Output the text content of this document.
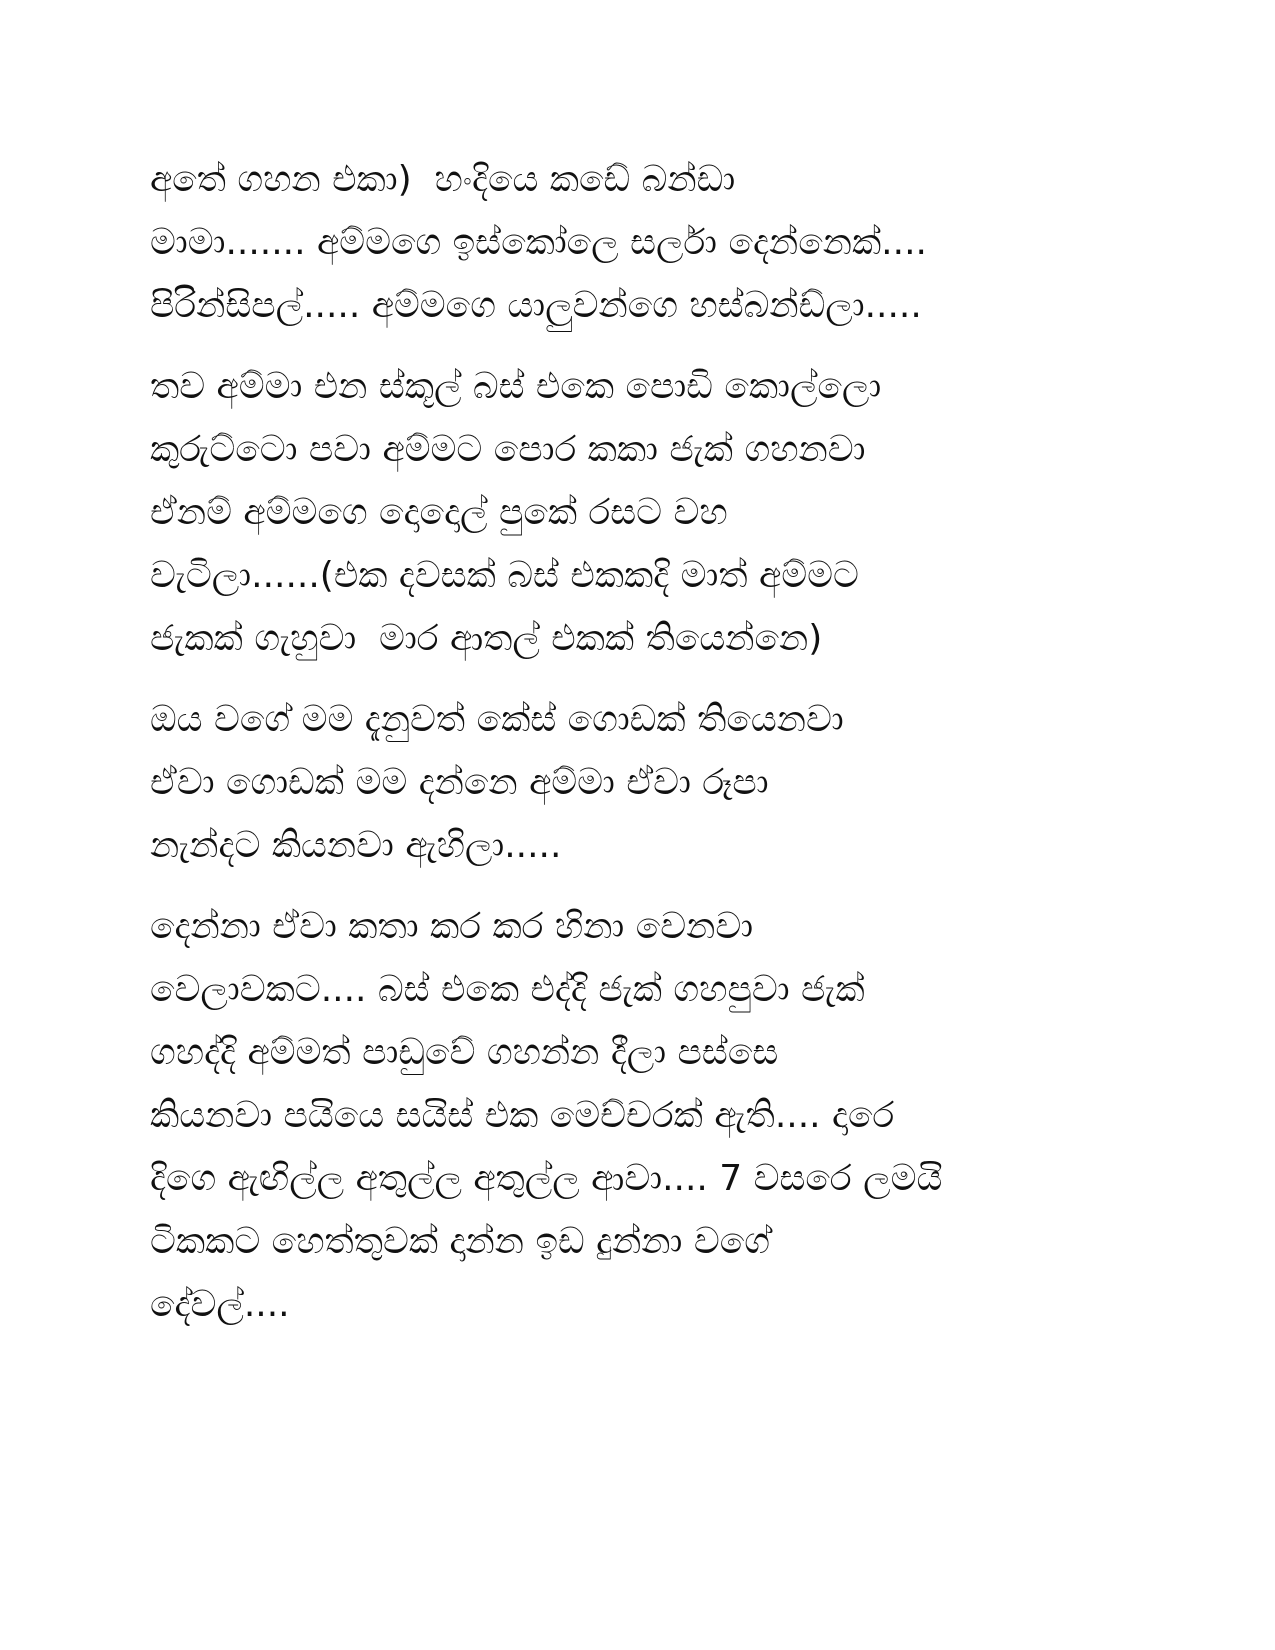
අතේ ගහන එකා)  හංදියෙ කඩේ බන්ඩා
මාමා....... අම්මගෙ ඉස්කෝලෙ සර්ලා දෙන්නෙක්....
පිරින්සිපල්..... අම්මගෙ යාලුවන්ගෙ හස්බන්ඩ්ලා.....
තව අම්මා එන ස්කූල් බස් එකෙ පොඩි කොල්ලො
කුරුට්ටො පවා අම්මට පොර කකා ජැක් ගහනවා
ඒනම් අම්මගෙ දොදොල් පුකේ රසට වහ
වැටිලා......(එක දවසක් බස් එකකදි මාත් අම්මට
ජැකක් ගැහුවා  මාර ආතල් එකක් තියෙන්නෙ)
ඔය වගේ මම දැනුවත් කේස් ගොඩක් තියෙනවා
ඒවා ගොඩක් මම දන්නෙ අම්මා ඒවා රූපා
නැන්දට කියනවා ඇහිලා.....
දෙන්නා ඒවා කතා කර කර හිනා වෙනවා
වෙලාවකට.... බස් එකෙ එද්දි ජැක් ගහපුවා ජැක්
ගහද්දි අම්මත් පාඩුවේ ගහන්න දීලා පස්සෙ
කියනවා පයියෙ සයිස් එක මෙච්චරක් ඇති.... දාරෙ
දිගෙ ඇඟිල්ල අතුල්ල අතුල්ල ආවා.... 7 වසරෙ ලමයි
ටිකකට හෙත්තුවක් දාන්න ඉඩ දුන්නා වගේ
දේවල්....
